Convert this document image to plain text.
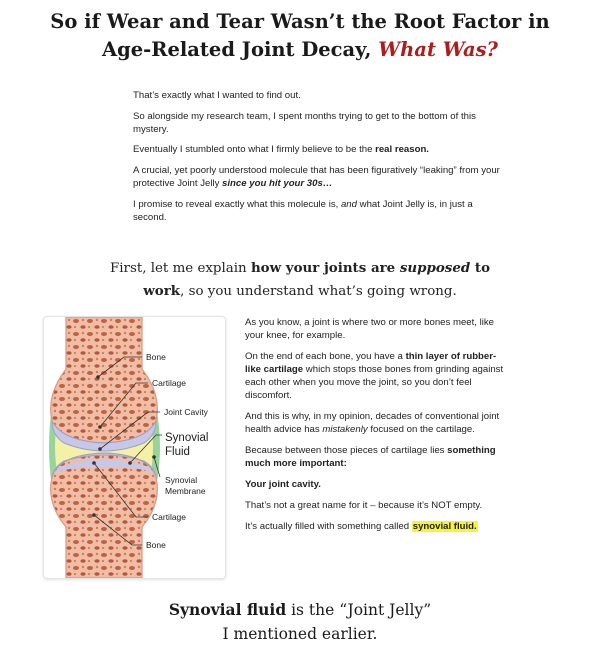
So if Wear and Tear Wasn’t the Root Factor in
Age-Related Joint Decay, What Was?

That’s exactly what I wanted to find out.

So alongside my research team, I spent months trying to get to the bottom of this mystery.

Eventually I stumbled onto what I firmly believe to be the real reason.

A crucial, yet poorly understood molecule that has been figuratively “leaking” from your protective Joint Jelly since you hit your 30s…

I promise to reveal exactly what this molecule is, and what Joint Jelly is, in just a second.

First, let me explain how your joints are supposed to work, so you understand what’s going wrong.

Bone
Cartilage
Joint Cavity
Synovial
Fluid
Synovial
Membrane
Cartilage
Bone

As you know, a joint is where two or more bones meet, like your knee, for example.

On the end of each bone, you have a thin layer of rubber-like cartilage which stops those bones from grinding against each other when you move the joint, so you don’t feel discomfort.

And this is why, in my opinion, decades of conventional joint health advice has mistakenly focused on the cartilage.

Because between those pieces of cartilage lies something much more important:

Your joint cavity.

That’s not a great name for it – because it’s NOT empty.

It’s actually filled with something called synovial fluid.

Synovial fluid is the “Joint Jelly”
I mentioned earlier.
